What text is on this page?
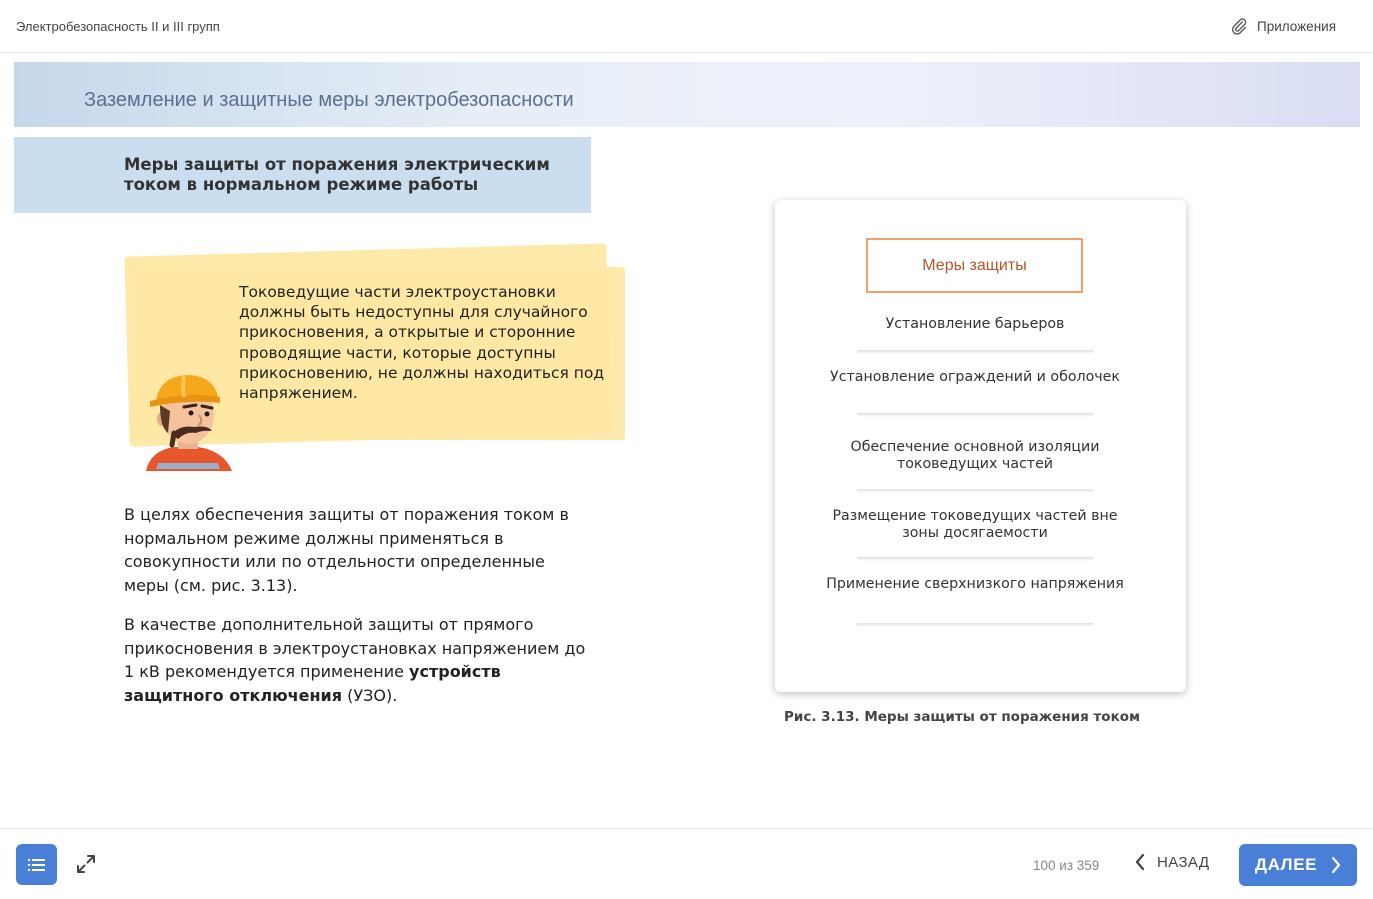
Электробезопасность II и III групп	Приложения
Заземление и защитные меры электробезопасности
Меры защиты от поражения электрическим током в нормальном режиме работы
Токоведущие части электроустановки должны быть недоступны для случайного прикосновения, а открытые и сторонние проводящие части, которые доступны прикосновению, не должны находиться под напряжением.
В целях обеспечения защиты от поражения током в нормальном режиме должны применяться в совокупности или по отдельности определенные меры (см. рис. 3.13).
В качестве дополнительной защиты от прямого прикосновения в электроустановках напряжением до 1 кВ рекомендуется применение устройств защитного отключения (УЗО).
Меры защиты
Установление барьеров
Установление ограждений и оболочек
Обеспечение основной изоляции токоведущих частей
Размещение токоведущих частей вне зоны досягаемости
Применение сверхнизкого напряжения
Рис. 3.13. Меры защиты от поражения током
100 из 359	НАЗАД	ДАЛЕЕ
